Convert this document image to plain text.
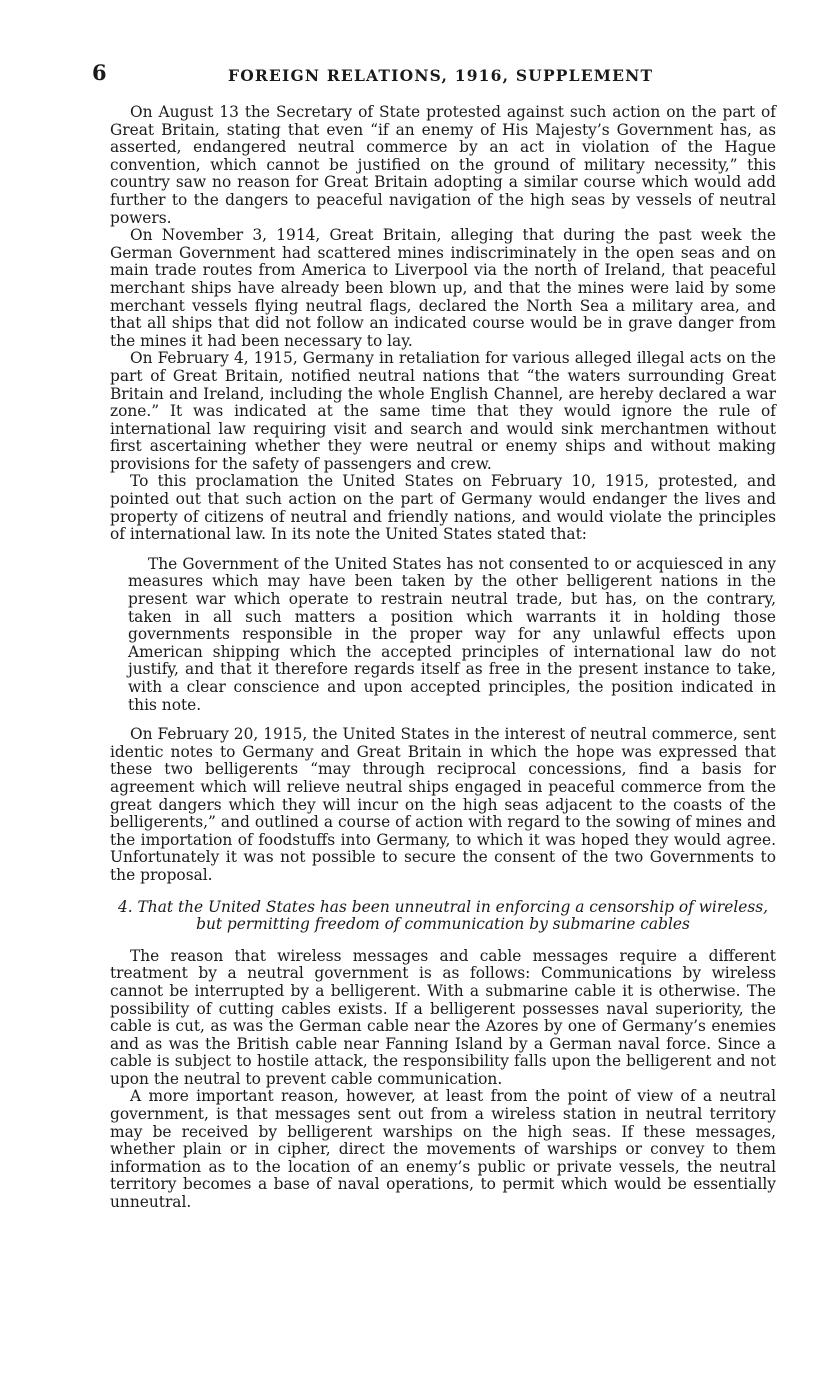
6	FOREIGN RELATIONS, 1916, SUPPLEMENT

On August 13 the Secretary of State protested against such action on the part of Great Britain, stating that even “if an enemy of His Majesty’s Government has, as asserted, endangered neutral commerce by an act in violation of the Hague convention, which cannot be justified on the ground of military necessity,” this country saw no reason for Great Britain adopting a similar course which would add further to the dangers to peaceful navigation of the high seas by vessels of neutral powers.

On November 3, 1914, Great Britain, alleging that during the past week the German Government had scattered mines indiscriminately in the open seas and on main trade routes from America to Liverpool via the north of Ireland, that peaceful merchant ships have already been blown up, and that the mines were laid by some merchant vessels flying neutral flags, declared the North Sea a military area, and that all ships that did not follow an indicated course would be in grave danger from the mines it had been necessary to lay.

On February 4, 1915, Germany in retaliation for various alleged illegal acts on the part of Great Britain, notified neutral nations that “the waters surrounding Great Britain and Ireland, including the whole English Channel, are hereby declared a war zone.” It was indicated at the same time that they would ignore the rule of international law requiring visit and search and would sink merchantmen without first ascertaining whether they were neutral or enemy ships and without making provisions for the safety of passengers and crew.

To this proclamation the United States on February 10, 1915, protested, and pointed out that such action on the part of Germany would endanger the lives and property of citizens of neutral and friendly nations, and would violate the principles of international law. In its note the United States stated that:

The Government of the United States has not consented to or acquiesced in any measures which may have been taken by the other belligerent nations in the present war which operate to restrain neutral trade, but has, on the contrary, taken in all such matters a position which warrants it in holding those governments responsible in the proper way for any unlawful effects upon American shipping which the accepted principles of international law do not justify, and that it therefore regards itself as free in the present instance to take, with a clear conscience and upon accepted principles, the position indicated in this note.

On February 20, 1915, the United States in the interest of neutral commerce, sent identic notes to Germany and Great Britain in which the hope was expressed that these two belligerents “may through reciprocal concessions, find a basis for agreement which will relieve neutral ships engaged in peaceful commerce from the great dangers which they will incur on the high seas adjacent to the coasts of the belligerents,” and outlined a course of action with regard to the sowing of mines and the importation of foodstuffs into Germany, to which it was hoped they would agree. Unfortunately it was not possible to secure the consent of the two Governments to the proposal.

4. That the United States has been unneutral in enforcing a censorship of wireless, but permitting freedom of communication by submarine cables

The reason that wireless messages and cable messages require a different treatment by a neutral government is as follows: Communications by wireless cannot be interrupted by a belligerent. With a submarine cable it is otherwise. The possibility of cutting cables exists. If a belligerent possesses naval superiority, the cable is cut, as was the German cable near the Azores by one of Germany’s enemies and as was the British cable near Fanning Island by a German naval force. Since a cable is subject to hostile attack, the responsibility falls upon the belligerent and not upon the neutral to prevent cable communication.

A more important reason, however, at least from the point of view of a neutral government, is that messages sent out from a wireless station in neutral territory may be received by belligerent warships on the high seas. If these messages, whether plain or in cipher, direct the movements of warships or convey to them information as to the location of an enemy’s public or private vessels, the neutral territory becomes a base of naval operations, to permit which would be essentially unneutral.
